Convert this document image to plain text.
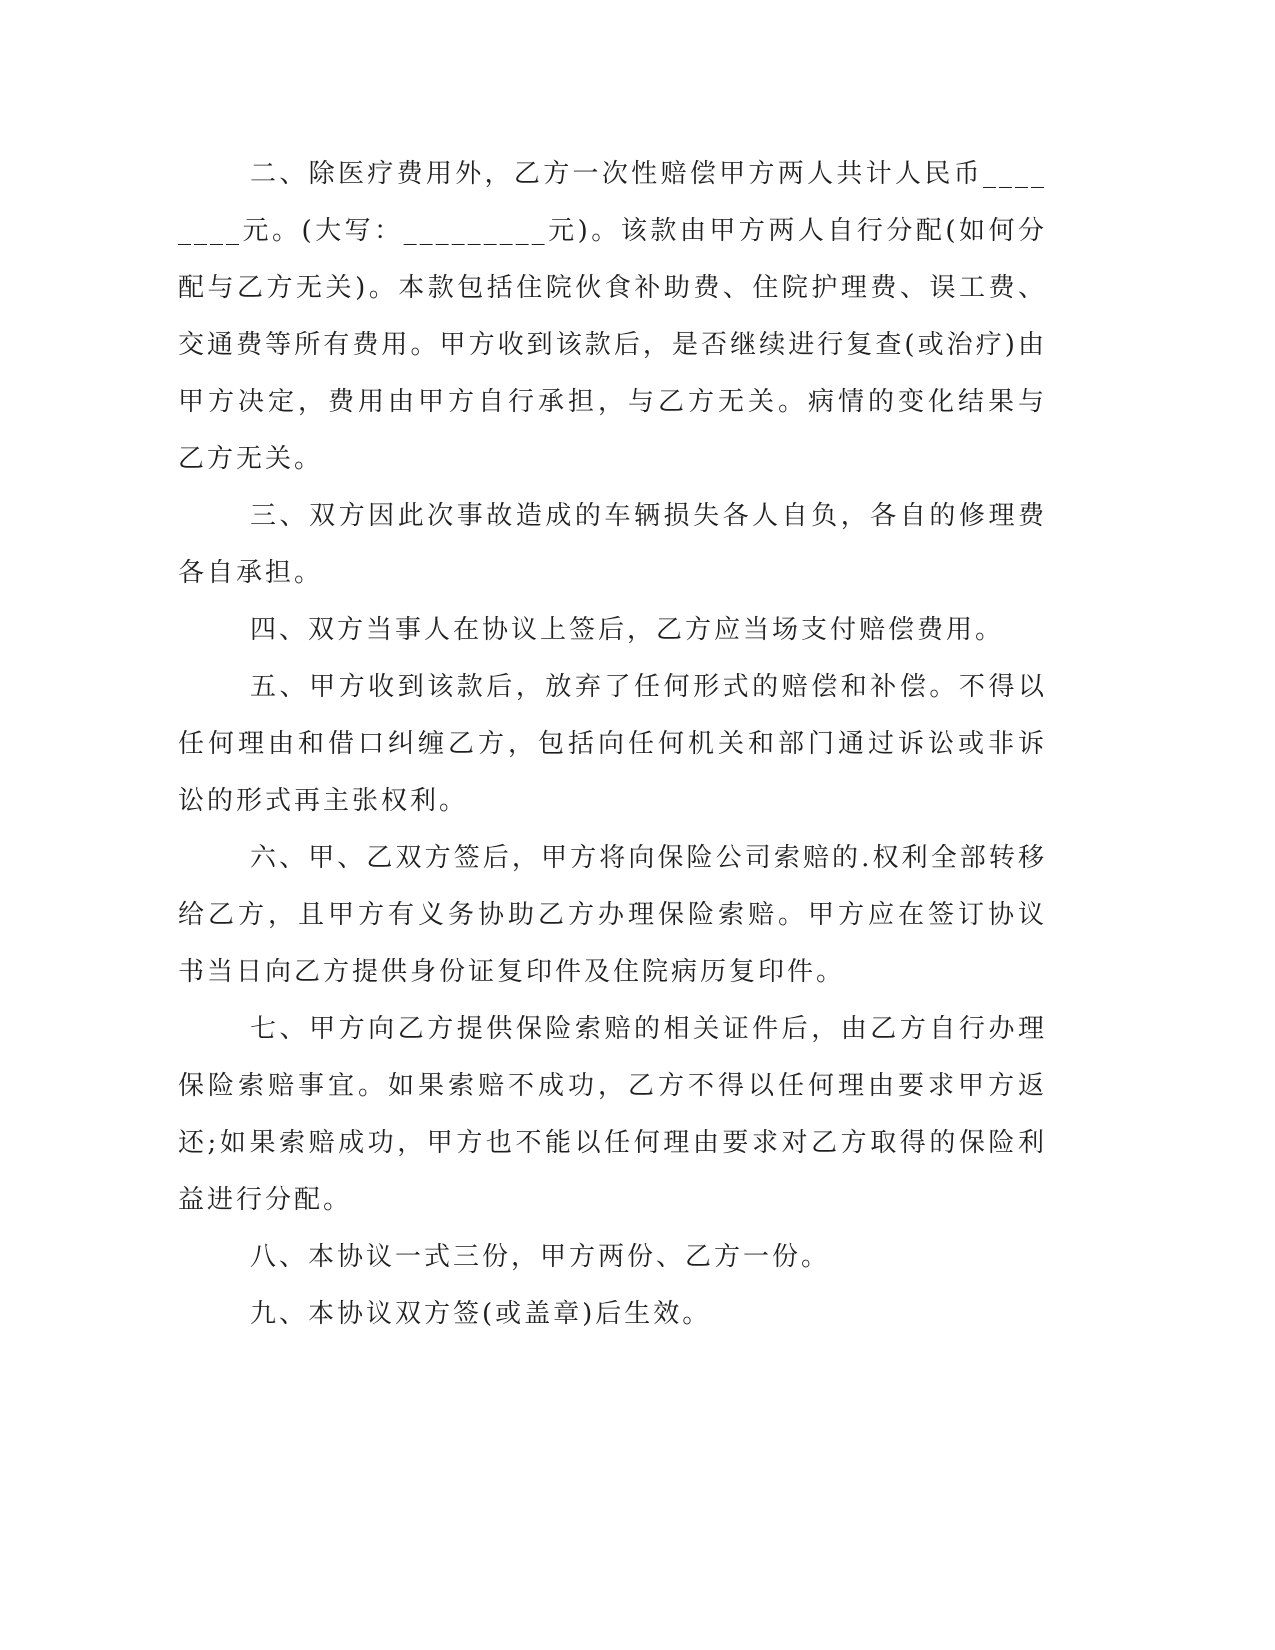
二、除医疗费用外，乙方一次性赔偿甲方两人共计人民币________元。(大写：_________元)。该款由甲方两人自行分配(如何分配与乙方无关)。本款包括住院伙食补助费、住院护理费、误工费、交通费等所有费用。甲方收到该款后，是否继续进行复查(或治疗)由甲方决定，费用由甲方自行承担，与乙方无关。病情的变化结果与乙方无关。

三、双方因此次事故造成的车辆损失各人自负，各自的修理费各自承担。

四、双方当事人在协议上签后，乙方应当场支付赔偿费用。

五、甲方收到该款后，放弃了任何形式的赔偿和补偿。不得以任何理由和借口纠缠乙方，包括向任何机关和部门通过诉讼或非诉讼的形式再主张权利。

六、甲、乙双方签后，甲方将向保险公司索赔的.权利全部转移给乙方，且甲方有义务协助乙方办理保险索赔。甲方应在签订协议书当日向乙方提供身份证复印件及住院病历复印件。

七、甲方向乙方提供保险索赔的相关证件后，由乙方自行办理保险索赔事宜。如果索赔不成功，乙方不得以任何理由要求甲方返还;如果索赔成功，甲方也不能以任何理由要求对乙方取得的保险利益进行分配。

八、本协议一式三份，甲方两份、乙方一份。

九、本协议双方签(或盖章)后生效。
